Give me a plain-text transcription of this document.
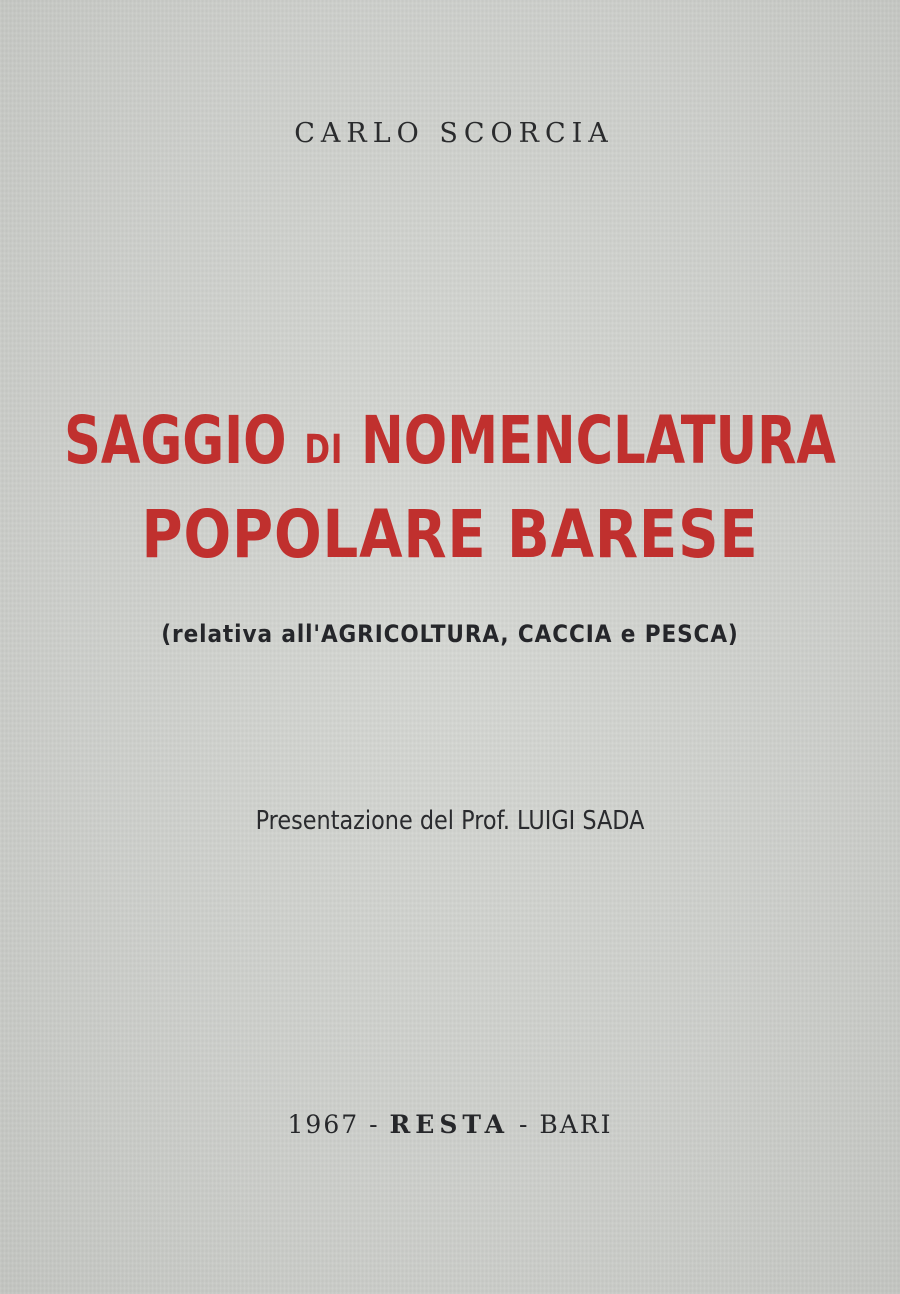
CARLO SCORCIA
SAGGIO DI NOMENCLATURA
POPOLARE BARESE
(relativa all'AGRICOLTURA, CACCIA e PESCA)
Presentazione del Prof. LUIGI SADA
1967 - RESTA - BARI
